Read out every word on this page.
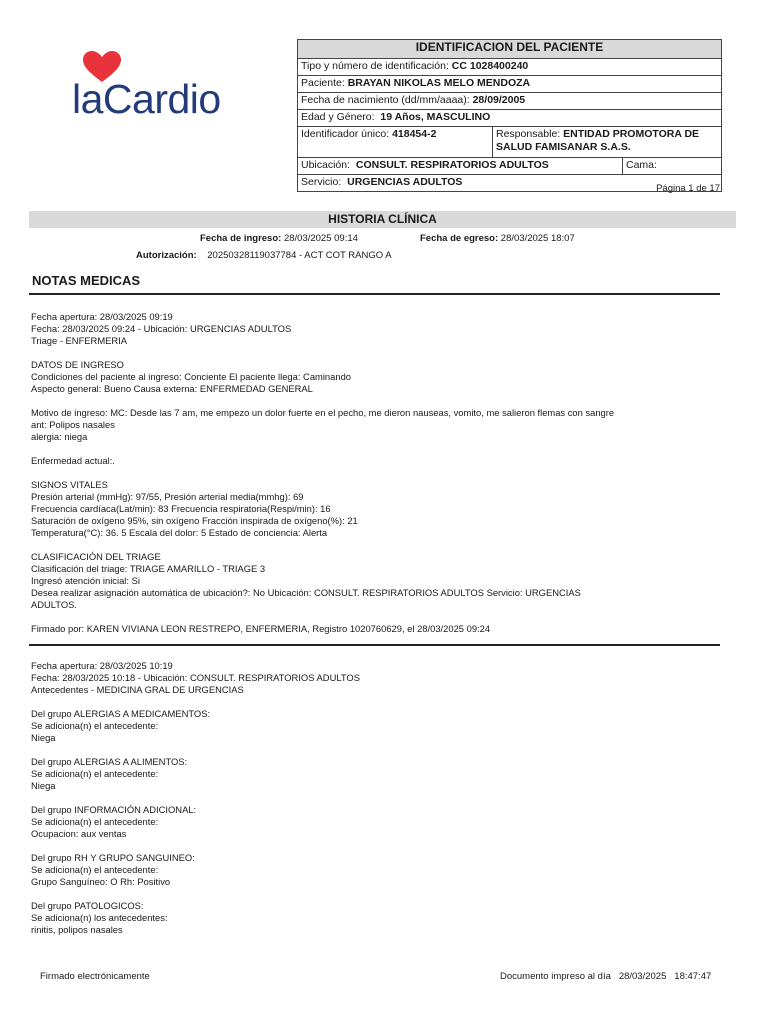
laCardio
IDENTIFICACION DEL PACIENTE		
Tipo y número de identificación: CC 1028400240		
Paciente: BRAYAN NIKOLAS MELO MENDOZA		
Fecha de nacimiento (dd/mm/aaaa): 28/09/2005		
Edad y Género: 19 Años, MASCULINO		
Identificador único: 418454-2	Responsable: ENTIDAD PROMOTORA DE SALUD FAMISANAR S.A.S.	
Ubicación: CONSULT. RESPIRATORIOS ADULTOS		Cama:
Servicio: URGENCIAS ADULTOS		
Página 1 de 17
HISTORIA CLÍNICA
Fecha de ingreso: 28/03/2025 09:14	Fecha de egreso: 28/03/2025 18:07
Autorización: 20250328119037784 - ACT COT RANGO A
NOTAS MEDICAS

Fecha apertura: 28/03/2025 09:19
Fecha: 28/03/2025 09:24 - Ubicación: URGENCIAS ADULTOS
Triage - ENFERMERIA

DATOS DE INGRESO
Condiciones del paciente al ingreso: Conciente El paciente llega: Caminando
Aspecto general: Bueno Causa externa: ENFERMEDAD GENERAL

Motivo de ingreso: MC: Desde las 7 am, me empezo un dolor fuerte en el pecho, me dieron nauseas, vomito, me salieron flemas con sangre
ant: Polipos nasales
alergia: niega

Enfermedad actual:.

SIGNOS VITALES
Presión arterial (mmHg): 97/55, Presión arterial media(mmhg): 69
Frecuencia cardíaca(Lat/min): 83 Frecuencia respiratoria(Respi/min): 16
Saturación de oxígeno 95%, sin oxígeno Fracción inspirada de oxígeno(%): 21
Temperatura(°C): 36. 5 Escala del dolor: 5 Estado de conciencia: Alerta

CLASIFICACIÓN DEL TRIAGE
Clasificación del triage: TRIAGE AMARILLO - TRIAGE 3
Ingresó atención inicial: Si
Desea realizar asignación automática de ubicación?: No Ubicación: CONSULT. RESPIRATORIOS ADULTOS Servicio: URGENCIAS
ADULTOS.

Firmado por: KAREN VIVIANA LEON RESTREPO, ENFERMERIA, Registro 1020760629, el 28/03/2025 09:24

Fecha apertura: 28/03/2025 10:19
Fecha: 28/03/2025 10:18 - Ubicación: CONSULT. RESPIRATORIOS ADULTOS
Antecedentes - MEDICINA GRAL DE URGENCIAS

Del grupo ALERGIAS A MEDICAMENTOS:
Se adiciona(n) el antecedente:
Niega

Del grupo ALERGIAS A ALIMENTOS:
Se adiciona(n) el antecedente:
Niega

Del grupo INFORMACIÓN ADICIONAL:
Se adiciona(n) el antecedente:
Ocupacion: aux ventas

Del grupo RH Y GRUPO SANGUINEO:
Se adiciona(n) el antecedente:
Grupo Sanguíneo: O Rh: Positivo

Del grupo PATOLOGICOS:
Se adiciona(n) los antecedentes:
rinitis, polipos nasales

Firmado electrónicamente	Documento impreso al día 28/03/2025 18:47:47
